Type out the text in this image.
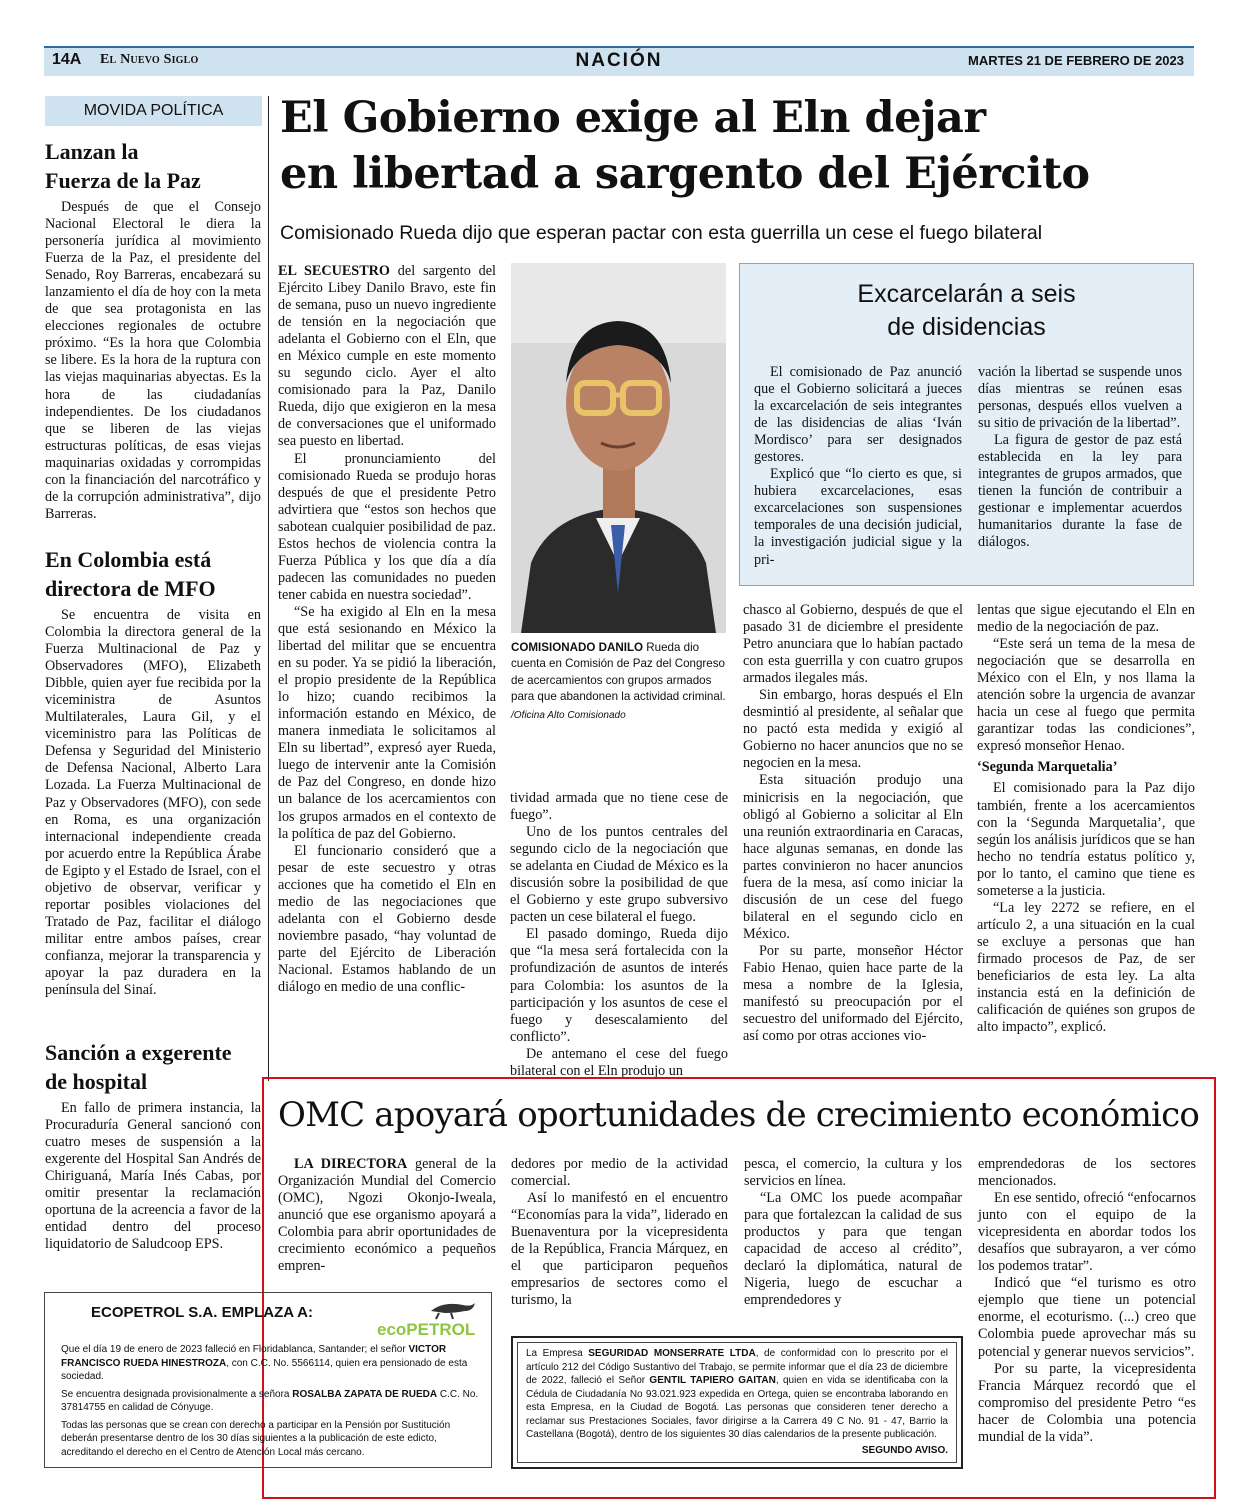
14A El Nuevo Siglo	NACIÓN	MARTES 21 DE FEBRERO DE 2023
MOVIDA POLÍTICA
Lanzan la
Fuerza de la Paz

Después de que el Consejo Nacional Electoral le diera la personería jurídica al movimiento Fuerza de la Paz, el presidente del Senado, Roy Barreras, encabezará su lanzamiento el día de hoy con la meta de que sea protagonista en las elecciones regionales de octubre próximo. “Es la hora que Colombia se libere. Es la hora de la ruptura con las viejas maquinarias abyectas. Es la hora de las ciudadanías independientes. De los ciudadanos que se liberen de las viejas estructuras políticas, de esas viejas maquinarias oxidadas y corrompidas con la financiación del narcotráfico y de la corrupción administrativa”, dijo Barreras.

En Colombia está
directora de MFO

Se encuentra de visita en Colombia la directora general de la Fuerza Multinacional de Paz y Observadores (MFO), Elizabeth Dibble, quien ayer fue recibida por la viceministra de Asuntos Multilaterales, Laura Gil, y el viceministro para las Políticas de Defensa y Seguridad del Ministerio de Defensa Nacional, Alberto Lara Lozada. La Fuerza Multinacional de Paz y Observadores (MFO), con sede en Roma, es una organización internacional independiente creada por acuerdo entre la República Árabe de Egipto y el Estado de Israel, con el objetivo de observar, verificar y reportar posibles violaciones del Tratado de Paz, facilitar el diálogo militar entre ambos países, crear confianza, mejorar la transparencia y apoyar la paz duradera en la península del Sinaí.

Sanción a exgerente
de hospital

En fallo de primera instancia, la Procuraduría General sancionó con cuatro meses de suspensión a la exgerente del Hospital San Andrés de Chiriguaná, María Inés Cabas, por omitir presentar la reclamación oportuna de la acreencia a favor de la entidad dentro del proceso liquidatorio de Saludcoop EPS.

El Gobierno exige al Eln dejar
en libertad a sargento del Ejército
Comisionado Rueda dijo que esperan pactar con esta guerrilla un cese el fuego bilateral

EL SECUESTRO del sargento del Ejército Libey Danilo Bravo, este fin de semana, puso un nuevo ingrediente de tensión en la negociación que adelanta el Gobierno con el Eln, que en México cumple en este momento su segundo ciclo. Ayer el alto comisionado para la Paz, Danilo Rueda, dijo que exigieron en la mesa de conversaciones que el uniformado sea puesto en libertad.

El pronunciamiento del comisionado Rueda se produjo horas después de que el presidente Petro advirtiera que “estos son hechos que sabotean cualquier posibilidad de paz. Estos hechos de violencia contra la Fuerza Pública y los que día a día padecen las comunidades no pueden tener cabida en nuestra sociedad”.

“Se ha exigido al Eln en la mesa que está sesionando en México la libertad del militar que se encuentra en su poder. Ya se pidió la liberación, el propio presidente de la República lo hizo; cuando recibimos la información estando en México, de manera inmediata le solicitamos al Eln su libertad”, expresó ayer Rueda, luego de intervenir ante la Comisión de Paz del Congreso, en donde hizo un balance de los acercamientos con los grupos armados en el contexto de la política de paz del Gobierno.

El funcionario consideró que a pesar de este secuestro y otras acciones que ha cometido el Eln en medio de las negociaciones que adelanta con el Gobierno desde noviembre pasado, “hay voluntad de parte del Ejército de Liberación Nacional. Estamos hablando de un diálogo en medio de una conflic-

COMISIONADO DANILO Rueda dio cuenta en Comisión de Paz del Congreso de acercamientos con grupos armados para que abandonen la actividad criminal. /Oficina Alto Comisionado

tividad armada que no tiene cese de fuego”.

Uno de los puntos centrales del segundo ciclo de la negociación que se adelanta en Ciudad de México es la discusión sobre la posibilidad de que el Gobierno y este grupo subversivo pacten un cese bilateral el fuego.

El pasado domingo, Rueda dijo que “la mesa será fortalecida con la profundización de asuntos de interés para Colombia: los asuntos de la participación y los asuntos de cese el fuego y desescalamiento del conflicto”.

De antemano el cese del fuego bilateral con el Eln produjo un

Excarcelarán a seis
de disidencias

El comisionado de Paz anunció que el Gobierno solicitará a jueces la excarcelación de seis integrantes de las disidencias de alias ‘Iván Mordisco’ para ser designados gestores.

Explicó que “lo cierto es que, si hubiera excarcelaciones, esas excarcelaciones son suspensiones temporales de una decisión judicial, la investigación judicial sigue y la pri-

vación la libertad se suspende unos días mientras se reúnen esas personas, después ellos vuelven a su sitio de privación de la libertad”.

La figura de gestor de paz está establecida en la ley para integrantes de grupos armados, que tienen la función de contribuir a gestionar e implementar acuerdos humanitarios durante la fase de diálogos.

chasco al Gobierno, después de que el pasado 31 de diciembre el presidente Petro anunciara que lo habían pactado con esta guerrilla y con cuatro grupos armados ilegales más.

Sin embargo, horas después el Eln desmintió al presidente, al señalar que no pactó esta medida y exigió al Gobierno no hacer anuncios que no se negocien en la mesa.

Esta situación produjo una minicrisis en la negociación, que obligó al Gobierno a solicitar al Eln una reunión extraordinaria en Caracas, hace algunas semanas, en donde las partes convinieron no hacer anuncios fuera de la mesa, así como iniciar la discusión de un cese del fuego bilateral en el segundo ciclo en México.

Por su parte, monseñor Héctor Fabio Henao, quien hace parte de la mesa a nombre de la Iglesia, manifestó su preocupación por el secuestro del uniformado del Ejército, así como por otras acciones vio-

lentas que sigue ejecutando el Eln en medio de la negociación de paz.

“Este será un tema de la mesa de negociación que se desarrolla en México con el Eln, y nos llama la atención sobre la urgencia de avanzar hacia un cese al fuego que permita garantizar todas las condiciones”, expresó monseñor Henao.

‘Segunda Marquetalia’

El comisionado para la Paz dijo también, frente a los acercamientos con la ‘Segunda Marquetalia’, que según los análisis jurídicos que se han hecho no tendría estatus político y, por lo tanto, el camino que tiene es someterse a la justicia.

“La ley 2272 se refiere, en el artículo 2, a una situación en la cual se excluye a personas que han firmado procesos de Paz, de ser beneficiarios de esta ley. La alta instancia está en la definición de calificación de quiénes son grupos de alto impacto”, explicó.

OMC apoyará oportunidades de crecimiento económico

LA DIRECTORA general de la Organización Mundial del Comercio (OMC), Ngozi Okonjo-Iweala, anunció que ese organismo apoyará a Colombia para abrir oportunidades de crecimiento económico a pequeños empren-

dedores por medio de la actividad comercial.

Así lo manifestó en el encuentro “Economías para la vida”, liderado en Buenaventura por la vicepresidenta de la República, Francia Márquez, en el que participaron pequeños empresarios de sectores como el turismo, la

pesca, el comercio, la cultura y los servicios en línea.

“La OMC los puede acompañar para que fortalezcan la calidad de sus productos y para que tengan capacidad de acceso al crédito”, declaró la diplomática, natural de Nigeria, luego de escuchar a emprendedores y

emprendedoras de los sectores mencionados.

En ese sentido, ofreció “enfocarnos junto con el equipo de la vicepresidenta en abordar todos los desafíos que subrayaron, a ver cómo los podemos tratar”.

Indicó que “el turismo es otro ejemplo que tiene un potencial enorme, el ecoturismo. (...) creo que Colombia puede aprovechar más su potencial y generar nuevos servicios”.

Por su parte, la vicepresidenta Francia Márquez recordó que el compromiso del presidente Petro “es hacer de Colombia una potencia mundial de la vida”.

ECOPETROL S.A. EMPLAZA A:
ecoPETROL

Que el día 19 de enero de 2023 falleció en Floridablanca, Santander; el señor VICTOR FRANCISCO RUEDA HINESTROZA, con C.C. No. 5566114, quien era pensionado de esta sociedad.

Se encuentra designada provisionalmente a señora ROSALBA ZAPATA DE RUEDA C.C. No. 37814755 en calidad de Cónyuge.

Todas las personas que se crean con derecho a participar en la Pensión por Sustitución deberán presentarse dentro de los 30 días siguientes a la publicación de este edicto, acreditando el derecho en el Centro de Atención Local más cercano.

La Empresa SEGURIDAD MONSERRATE LTDA, de conformidad con lo prescrito por el artículo 212 del Código Sustantivo del Trabajo, se permite informar que el día 23 de diciembre de 2022, falleció el Señor GENTIL TAPIERO GAITAN, quien en vida se identificaba con la Cédula de Ciudadanía No 93.021.923 expedida en Ortega, quien se encontraba laborando en esta Empresa, en la Ciudad de Bogotá. Las personas que consideren tener derecho a reclamar sus Prestaciones Sociales, favor dirigirse a la Carrera 49 C No. 91 - 47, Barrio la Castellana (Bogotá), dentro de los siguientes 30 días calendarios de la presente publicación.
SEGUNDO AVISO.
